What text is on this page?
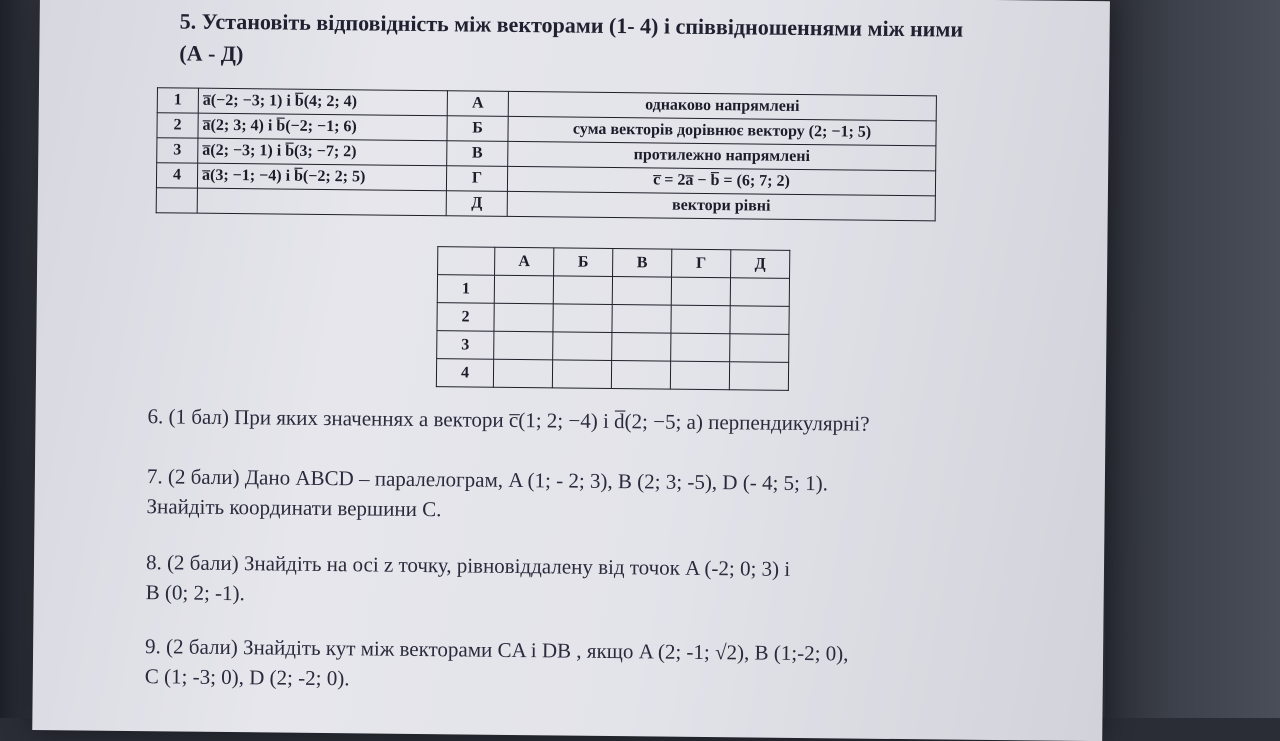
5. Установіть відповідність між векторами (1- 4) і співвідношеннями між ними
(А - Д)
1	a̅(−2; −3; 1) і b̅(4; 2; 4)	А	однаково напрямлені
2	a̅(2; 3; 4) і b̅(−2; −1; 6)	Б	сума векторів дорівнює вектору (2; −1; 5)
3	a̅(2; −3; 1) і b̅(3; −7; 2)	В	протилежно напрямлені
4	a̅(3; −1; −4) і b̅(−2; 2; 5)	Г	c̅ = 2a̅ − b̅ = (6; 7; 2)
		Д	вектори рівні
	А	Б	В	Г	Д
1					
2					
3					
4					
6. (1 бал) При яких значеннях a вектори c̅(1; 2; −4) і d̅(2; −5; a) перпендикулярні?
7. (2 бали) Дано ABCD – паралелограм, A (1; - 2; 3), B (2; 3; -5), D (- 4; 5; 1).
Знайдіть координати вершини C.
8. (2 бали) Знайдіть на осі z точку, рівновіддалену від точок A (-2; 0; 3) і
B (0; 2; -1).
9. (2 бали) Знайдіть кут між векторами CA і DB , якщо A (2; -1; √2), B (1;-2; 0),
C (1; -3; 0), D (2; -2; 0).
